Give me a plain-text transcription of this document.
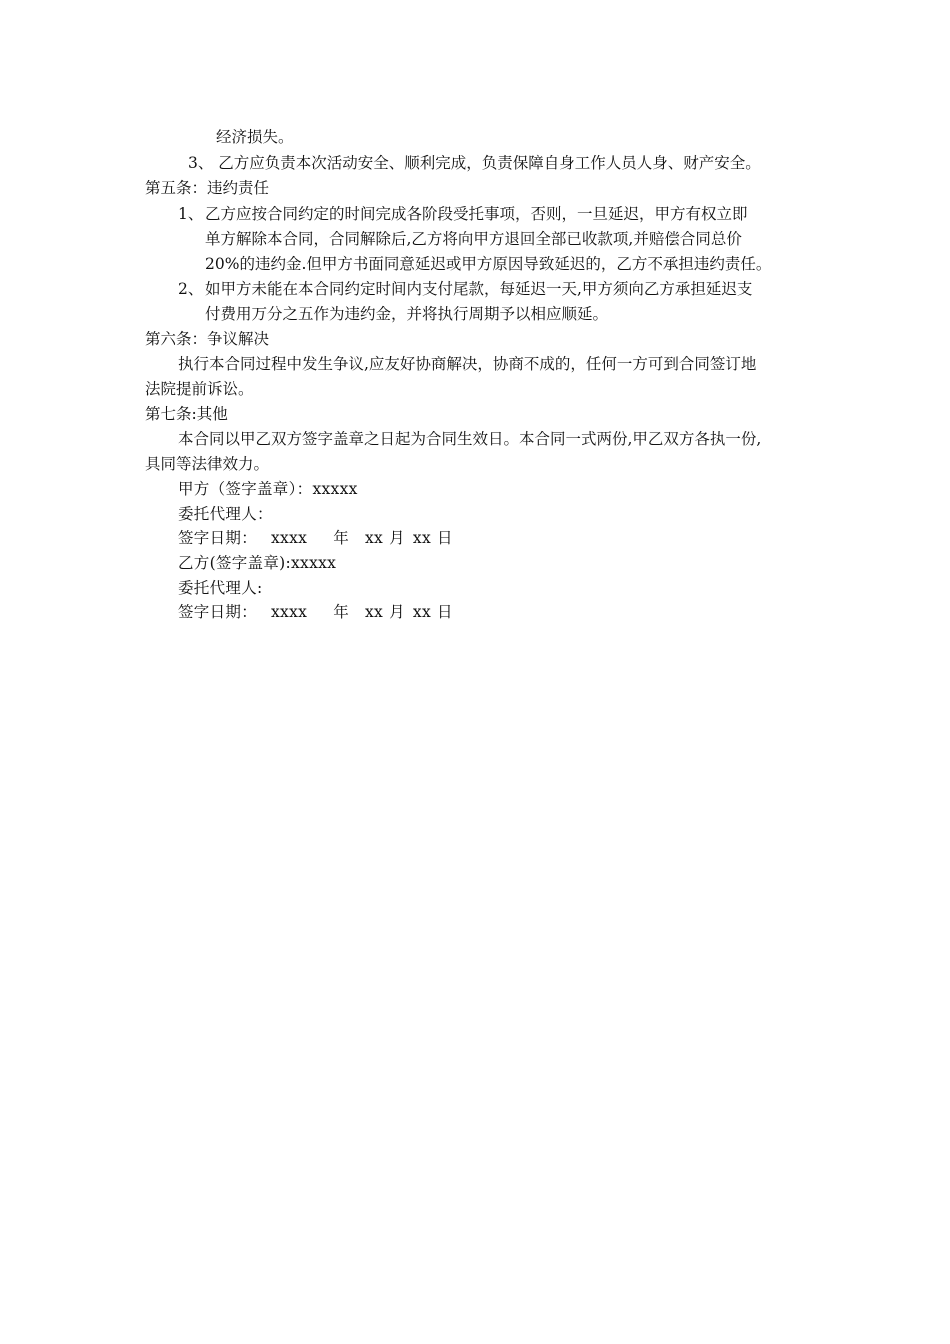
经济损失。
3、 乙方应负责本次活动安全、顺利完成，负责保障自身工作人员人身、财产安全。
第五条：违约责任
1、 乙方应按合同约定的时间完成各阶段受托事项，否则，一旦延迟，甲方有权立即
单方解除本合同，合同解除后,乙方将向甲方退回全部已收款项,并赔偿合同总价
20%的违约金.但甲方书面同意延迟或甲方原因导致延迟的，乙方不承担违约责任。
2、 如甲方未能在本合同约定时间内支付尾款，每延迟一天,甲方须向乙方承担延迟支
付费用万分之五作为违约金，并将执行周期予以相应顺延。
第六条：争议解决
执行本合同过程中发生争议,应友好协商解决，协商不成的，任何一方可到合同签订地
法院提前诉讼。
第七条:其他
本合同以甲乙双方签字盖章之日起为合同生效日。本合同一式两份,甲乙双方各执一份,
具同等法律效力。
甲方（签字盖章）：xxxxx
委托代理人：
签字日期： xxxx 年 xx 月 xx 日
乙方(签字盖章):xxxxx
委托代理人:
签字日期： xxxx 年 xx 月 xx 日
